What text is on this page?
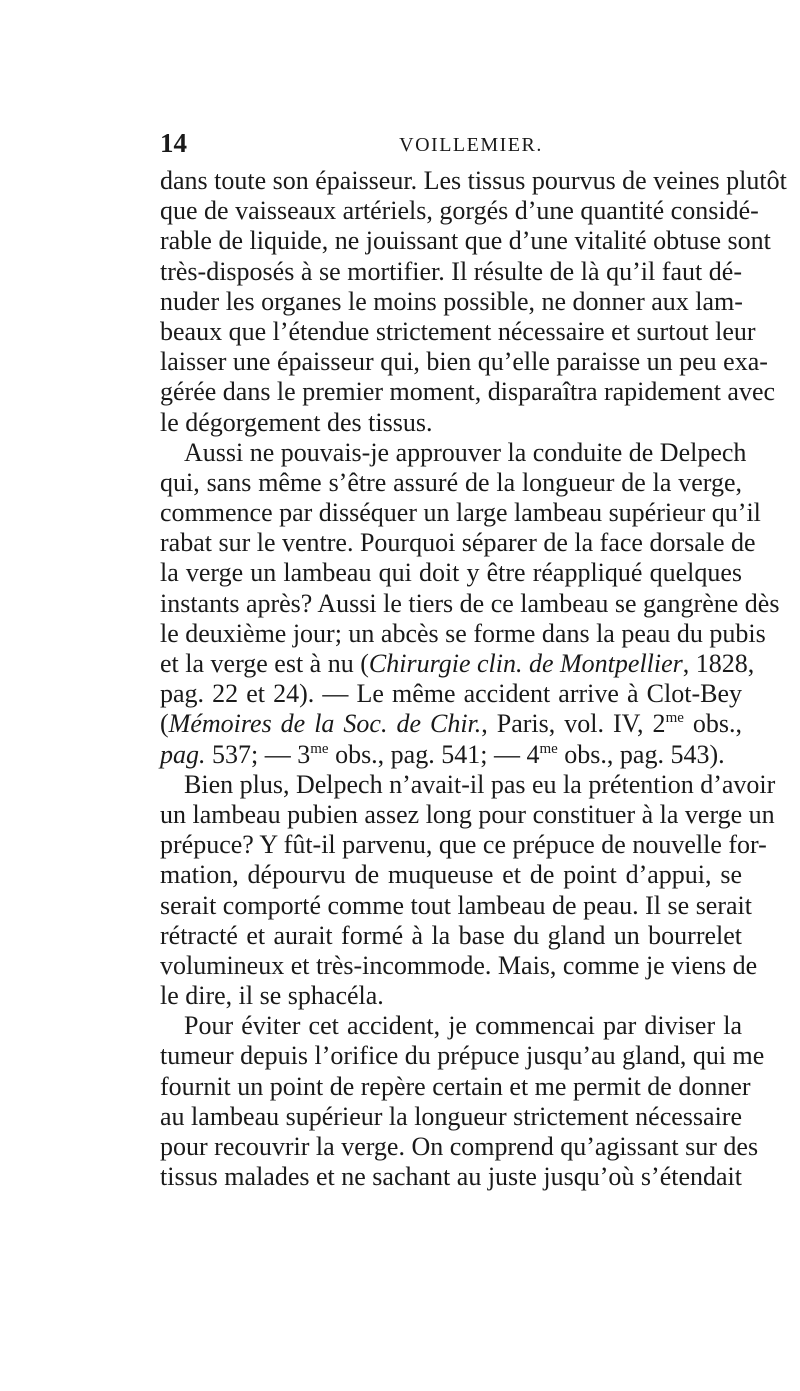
14	VOILLEMIER.
dans toute son épaisseur. Les tissus pourvus de veines plutôt
que de vaisseaux artériels, gorgés d’une quantité considé-
rable de liquide, ne jouissant que d’une vitalité obtuse sont
très-disposés à se mortifier. Il résulte de là qu’il faut dé-
nuder les organes le moins possible, ne donner aux lam-
beaux que l’étendue strictement nécessaire et surtout leur
laisser une épaisseur qui, bien qu’elle paraisse un peu exa-
gérée dans le premier moment, disparaîtra rapidement avec
le dégorgement des tissus.
Aussi ne pouvais-je approuver la conduite de Delpech
qui, sans même s’être assuré de la longueur de la verge,
commence par disséquer un large lambeau supérieur qu’il
rabat sur le ventre. Pourquoi séparer de la face dorsale de
la verge un lambeau qui doit y être réappliqué quelques
instants après? Aussi le tiers de ce lambeau se gangrène dès
le deuxième jour; un abcès se forme dans la peau du pubis
et la verge est à nu (Chirurgie clin. de Montpellier, 1828,
pag. 22 et 24). — Le même accident arrive à Clot-Bey
(Mémoires de la Soc. de Chir., Paris, vol. IV, $2^{me}$ obs.,
pag. 537; — $3^{me}$ obs., pag. 541; — $4^{me}$ obs., pag. 543).
Bien plus, Delpech n’avait-il pas eu la prétention d’avoir
un lambeau pubien assez long pour constituer à la verge un
prépuce? Y fût-il parvenu, que ce prépuce de nouvelle for-
mation, dépourvu de muqueuse et de point d’appui, se
serait comporté comme tout lambeau de peau. Il se serait
rétracté et aurait formé à la base du gland un bourrelet
volumineux et très-incommode. Mais, comme je viens de
le dire, il se sphacéla.
Pour éviter cet accident, je commencai par diviser la
tumeur depuis l’orifice du prépuce jusqu’au gland, qui me
fournit un point de repère certain et me permit de donner
au lambeau supérieur la longueur strictement nécessaire
pour recouvrir la verge. On comprend qu’agissant sur des
tissus malades et ne sachant au juste jusqu’où s’étendait
